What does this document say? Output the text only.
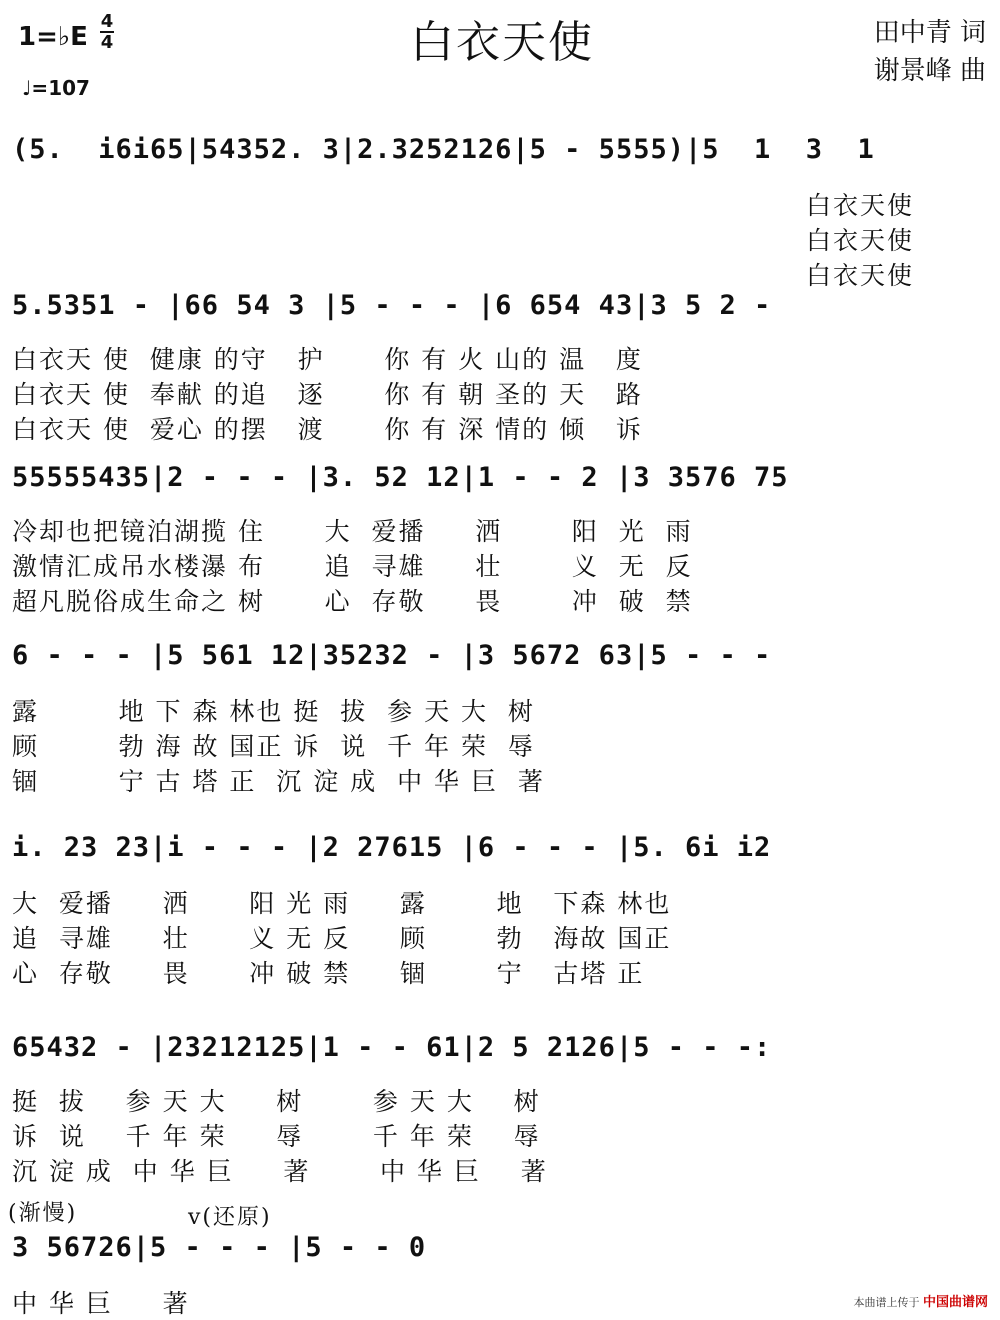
白衣天使
1=♭E
4
4
♩=107
田中青 词
谢景峰 曲
(5.  i6i65|54352. 3|2.3252126|5 - 5555)|5  1  3  1
白衣天使
白衣天使
白衣天使
5.5351 - |66 54 3 |5 - - - |6 654 43|3 5 2 -
白衣天 使  健康 的守   护      你 有 火 山的 温   度
白衣天 使  奉献 的追   逐      你 有 朝 圣的 天   路
白衣天 使  爱心 的摆   渡      你 有 深 情的 倾   诉
55555435|2 - - - |3. 52 12|1 - - 2 |3 3576 75
冷却也把镜泊湖揽 住      大  爱播     洒       阳  光  雨
激情汇成吊水楼瀑 布      追  寻雄     壮       义  无  反
超凡脱俗成生命之 树      心  存敬     畏       冲  破  禁
6 - - - |5 561 12|35232 - |3 5672 63|5 - - -
露        地 下 森 林也 挺  拔  参 天 大  树
顾        勃 海 故 国正 诉  说  千 年 荣  辱
锢        宁 古 塔 正  沉 淀 成  中 华 巨  著
i. 23 23|i - - - |2 27615 |6 - - - |5. 6i i2
大  爱播     洒      阳 光 雨     露       地   下森 林也
追  寻雄     壮      义 无 反     顾       勃   海故 国正
心  存敬     畏      冲 破 禁     锢       宁   古塔 正
65432 - |23212125|1 - - 61|2 5 2126|5 - - -:
挺  拔    参 天 大     树       参 天 大    树
诉  说    千 年 荣     辱       千 年 荣    辱
沉 淀 成  中 华 巨     著       中 华 巨    著
(渐慢)	v(还原)
3 56726|5 - - - |5 - - 0
中 华 巨     著	本曲谱上传于 中国曲谱网
